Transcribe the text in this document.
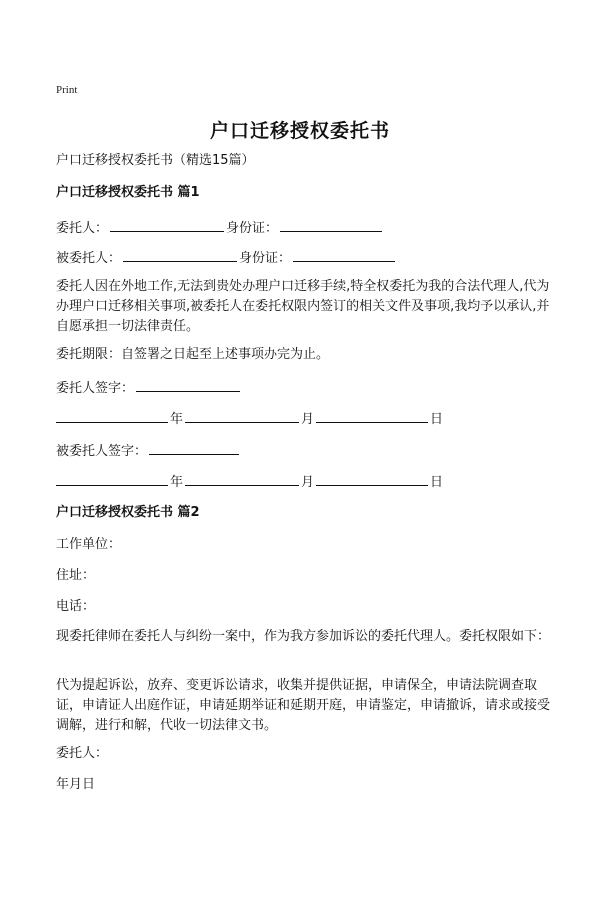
Print
户口迁移授权委托书
户口迁移授权委托书（精选15篇）
户口迁移授权委托书 篇1
委托人：	身份证：
被委托人：	身份证：
委托人因在外地工作,无法到贵处办理户口迁移手续,特全权委托为我的合法代理人,代为办理户口迁移相关事项,被委托人在委托权限内签订的相关文件及事项,我均予以承认,并自愿承担一切法律责任。
委托期限：自签署之日起至上述事项办完为止。
委托人签字：
年	月	日
被委托人签字：
年	月	日
户口迁移授权委托书 篇2
工作单位：
住址：
电话：
现委托律师在委托人与纠纷一案中，作为我方参加诉讼的委托代理人。委托权限如下：
代为提起诉讼，放弃、变更诉讼请求，收集并提供证据，申请保全，申请法院调查取证，申请证人出庭作证，申请延期举证和延期开庭，申请鉴定，申请撤诉，请求或接受调解，进行和解，代收一切法律文书。
委托人：
年月日
